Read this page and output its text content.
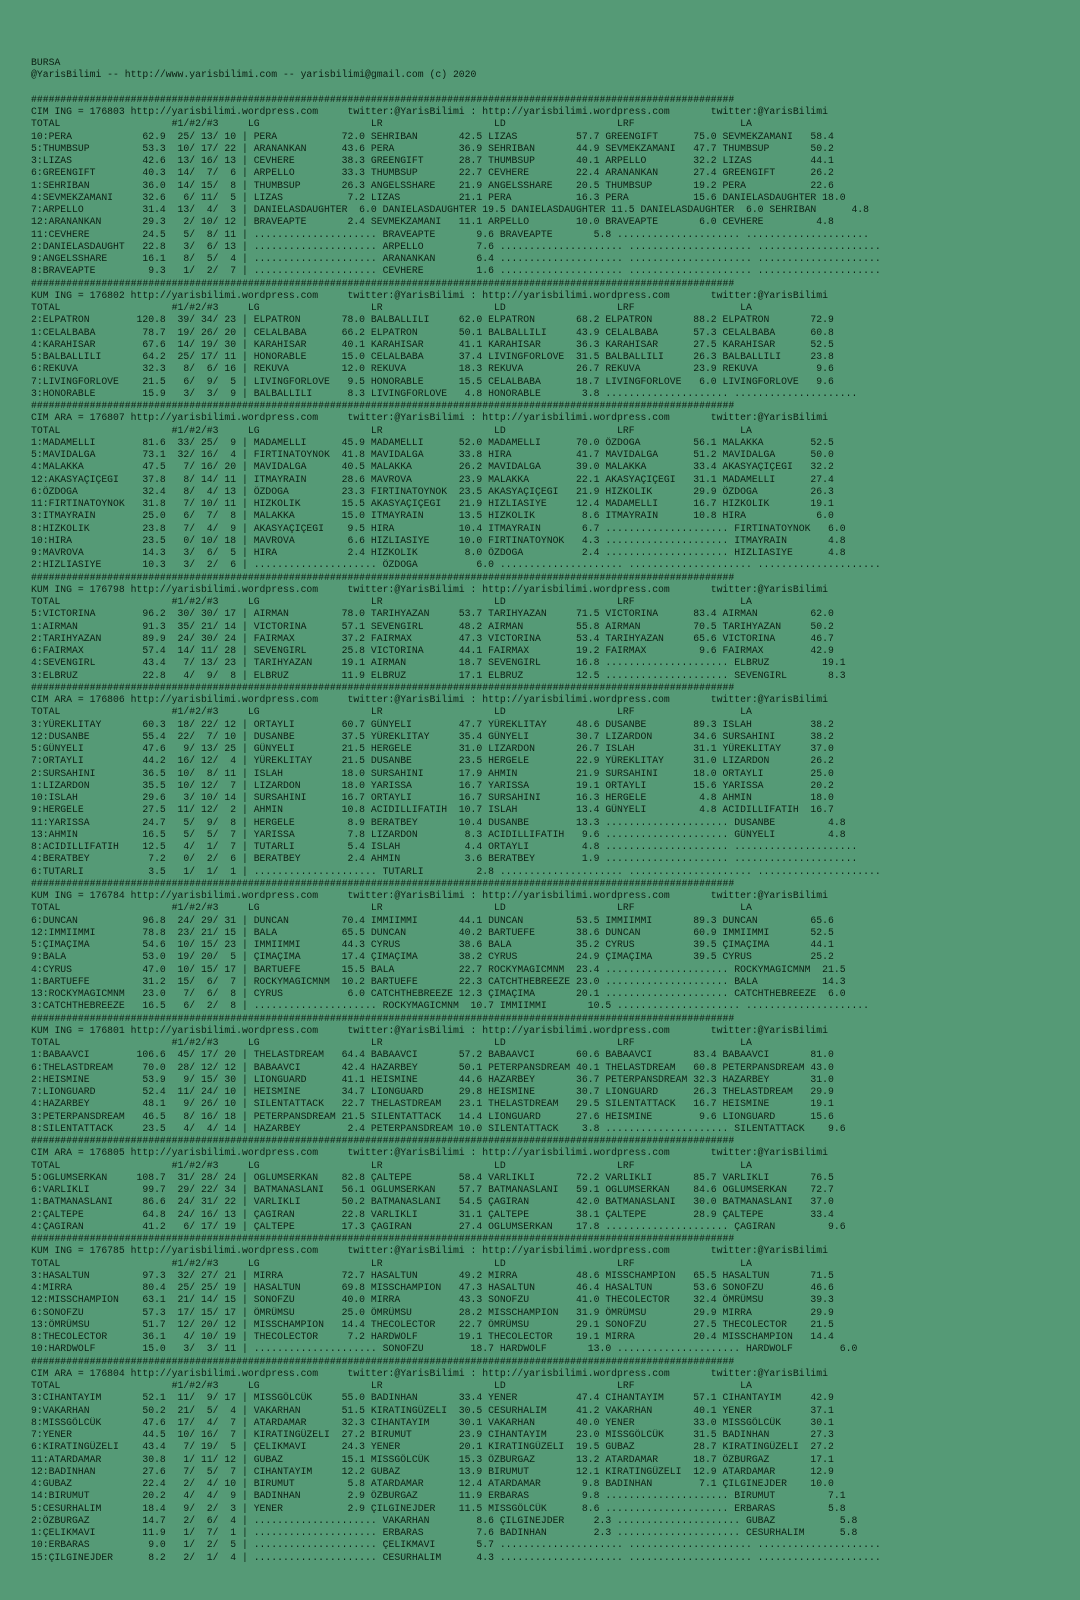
BURSA
@YarisBilimi -- http://www.yarisbilimi.com -- yarisbilimi@gmail.com (c) 2020
########################################################################################################################
CIM ING = 176803 http://yarisbilimi.wordpress.com     twitter:@YarisBilimi : http://yarisbilimi.wordpress.com       twitter:@YarisBilimi
TOTAL                   #1/#2/#3     LG                   LR                   LD                   LRF                  LA
10:PERA            62.9  25/ 13/ 10 | PERA           72.0 SEHRIBAN       42.5 LIZAS          57.7 GREENGIFT      75.0 SEVMEKZAMANI   58.4
5:THUMBSUP         53.3  10/ 17/ 22 | ARANANKAN      43.6 PERA           36.9 SEHRIBAN       44.9 SEVMEKZAMANI   47.7 THUMBSUP       50.2
3:LIZAS            42.6  13/ 16/ 13 | CEVHERE        38.3 GREENGIFT      28.7 THUMBSUP       40.1 ARPELLO        32.2 LIZAS          44.1
6:GREENGIFT        40.3  14/  7/  6 | ARPELLO        33.3 THUMBSUP       22.7 CEVHERE        22.4 ARANANKAN      27.4 GREENGIFT      26.2
1:SEHRIBAN         36.0  14/ 15/  8 | THUMBSUP       26.3 ANGELSSHARE    21.9 ANGELSSHARE    20.5 THUMBSUP       19.2 PERA           22.6
4:SEVMEKZAMANI     32.6   6/ 11/  5 | LIZAS           7.2 LIZAS          21.1 PERA           16.3 PERA           15.6 DANIELASDAUGHTER 18.0
7:ARPELLO          31.4  13/  4/  3 | DANIELASDAUGHTER  6.0 DANIELASDAUGHTER 19.5 DANIELASDAUGHTER 11.5 DANIELASDAUGHTER  6.0 SEHRIBAN      4.8
12:ARANANKAN       29.3   2/ 10/ 12 | BRAVEAPTE       2.4 SEVMEKZAMANI   11.1 ARPELLO        10.0 BRAVEAPTE       6.0 CEVHERE         4.8
11:CEVHERE         24.5   5/  8/ 11 | ..................... BRAVEAPTE       9.6 BRAVEAPTE       5.8 ..................... .....................
2:DANIELASDAUGHT   22.8   3/  6/ 13 | ..................... ARPELLO         7.6 ..................... ..................... .....................
9:ANGELSSHARE      16.1   8/  5/  4 | ..................... ARANANKAN       6.4 ..................... ..................... .....................
8:BRAVEAPTE         9.3   1/  2/  7 | ..................... CEVHERE         1.6 ..................... ..................... .....................
########################################################################################################################
KUM ING = 176802 http://yarisbilimi.wordpress.com     twitter:@YarisBilimi : http://yarisbilimi.wordpress.com       twitter:@YarisBilimi
TOTAL                   #1/#2/#3     LG                   LR                   LD                   LRF                  LA
2:ELPATRON        120.8  39/ 34/ 23 | ELPATRON       78.0 BALBALLILI     62.0 ELPATRON       68.2 ELPATRON       88.2 ELPATRON       72.9
1:CELALBABA        78.7  19/ 26/ 20 | CELALBABA      66.2 ELPATRON       50.1 BALBALLILI     43.9 CELALBABA      57.3 CELALBABA      60.8
4:KARAHISAR        67.6  14/ 19/ 30 | KARAHISAR      40.1 KARAHISAR      41.1 KARAHISAR      36.3 KARAHISAR      27.5 KARAHISAR      52.5
5:BALBALLILI       64.2  25/ 17/ 11 | HONORABLE      15.0 CELALBABA      37.4 LIVINGFORLOVE  31.5 BALBALLILI     26.3 BALBALLILI     23.8
6:REKUVA           32.3   8/  6/ 16 | REKUVA         12.0 REKUVA         18.3 REKUVA         26.7 REKUVA         23.9 REKUVA          9.6
7:LIVINGFORLOVE    21.5   6/  9/  5 | LIVINGFORLOVE   9.5 HONORABLE      15.5 CELALBABA      18.7 LIVINGFORLOVE   6.0 LIVINGFORLOVE   9.6
3:HONORABLE        15.9   3/  3/  9 | BALBALLILI      8.3 LIVINGFORLOVE   4.8 HONORABLE       3.8 ..................... .....................
########################################################################################################################
CIM ARA = 176807 http://yarisbilimi.wordpress.com     twitter:@YarisBilimi : http://yarisbilimi.wordpress.com       twitter:@YarisBilimi
TOTAL                   #1/#2/#3     LG                   LR                   LD                   LRF                  LA
1:MADAMELLI        81.6  33/ 25/  9 | MADAMELLI      45.9 MADAMELLI      52.0 MADAMELLI      70.0 ÖZDOGA         56.1 MALAKKA        52.5
5:MAVIDALGA        73.1  32/ 16/  4 | FIRTINATOYNOK  41.8 MAVIDALGA      33.8 HIRA           41.7 MAVIDALGA      51.2 MAVIDALGA      50.0
4:MALAKKA          47.5   7/ 16/ 20 | MAVIDALGA      40.5 MALAKKA        26.2 MAVIDALGA      39.0 MALAKKA        33.4 AKASYAÇIÇEGI   32.2
12:AKASYAÇIÇEGI    37.8   8/ 14/ 11 | ITMAYRAIN      28.6 MAVROVA        23.9 MALAKKA        22.1 AKASYAÇIÇEGI   31.1 MADAMELLI      27.4
6:ÖZDOGA           32.4   8/  4/ 13 | ÖZDOGA         23.3 FIRTINATOYNOK  23.5 AKASYAÇIÇEGI   21.9 HIZKOLIK       29.9 ÖZDOGA         26.3
11:FIRTINATOYNOK   31.8   7/ 10/ 11 | HIZKOLIK       15.5 AKASYAÇIÇEGI   21.9 HIZLIASIYE     12.4 MADAMELLI      16.7 HIZKOLIK       19.1
3:ITMAYRAIN        25.0   6/  7/  8 | MALAKKA        15.0 ITMAYRAIN      13.5 HIZKOLIK        8.6 ITMAYRAIN      10.8 HIRA            6.0
8:HIZKOLIK         23.8   7/  4/  9 | AKASYAÇIÇEGI    9.5 HIRA           10.4 ITMAYRAIN       6.7 ..................... FIRTINATOYNOK   6.0
10:HIRA            23.5   0/ 10/ 18 | MAVROVA         6.6 HIZLIASIYE     10.0 FIRTINATOYNOK   4.3 ..................... ITMAYRAIN       4.8
9:MAVROVA          14.3   3/  6/  5 | HIRA            2.4 HIZKOLIK        8.0 ÖZDOGA          2.4 ..................... HIZLIASIYE      4.8
2:HIZLIASIYE       10.3   3/  2/  6 | ..................... ÖZDOGA          6.0 ..................... ..................... .....................
########################################################################################################################
KUM ING = 176798 http://yarisbilimi.wordpress.com     twitter:@YarisBilimi : http://yarisbilimi.wordpress.com       twitter:@YarisBilimi
TOTAL                   #1/#2/#3     LG                   LR                   LD                   LRF                  LA
5:VICTORINA        96.2  30/ 30/ 17 | AIRMAN         78.0 TARIHYAZAN     53.7 TARIHYAZAN     71.5 VICTORINA      83.4 AIRMAN         62.0
1:AIRMAN           91.3  35/ 21/ 14 | VICTORINA      57.1 SEVENGIRL      48.2 AIRMAN         55.8 AIRMAN         70.5 TARIHYAZAN     50.2
2:TARIHYAZAN       89.9  24/ 30/ 24 | FAIRMAX        37.2 FAIRMAX        47.3 VICTORINA      53.4 TARIHYAZAN     65.6 VICTORINA      46.7
6:FAIRMAX          57.4  14/ 11/ 28 | SEVENGIRL      25.8 VICTORINA      44.1 FAIRMAX        19.2 FAIRMAX         9.6 FAIRMAX        42.9
4:SEVENGIRL        43.4   7/ 13/ 23 | TARIHYAZAN     19.1 AIRMAN         18.7 SEVENGIRL      16.8 ..................... ELBRUZ         19.1
3:ELBRUZ           22.8   4/  9/  8 | ELBRUZ         11.9 ELBRUZ         17.1 ELBRUZ         12.5 ..................... SEVENGIRL       8.3
########################################################################################################################
CIM ARA = 176806 http://yarisbilimi.wordpress.com     twitter:@YarisBilimi : http://yarisbilimi.wordpress.com       twitter:@YarisBilimi
TOTAL                   #1/#2/#3     LG                   LR                   LD                   LRF                  LA
3:YÜREKLITAY       60.3  18/ 22/ 12 | ORTAYLI        60.7 GÜNYELI        47.7 YÜREKLITAY     48.6 DUSANBE        89.3 ISLAH          38.2
12:DUSANBE         55.4  22/  7/ 10 | DUSANBE        37.5 YÜREKLITAY     35.4 GÜNYELI        30.7 LIZARDON       34.6 SURSAHINI      38.2
5:GÜNYELI          47.6   9/ 13/ 25 | GÜNYELI        21.5 HERGELE        31.0 LIZARDON       26.7 ISLAH          31.1 YÜREKLITAY     37.0
7:ORTAYLI          44.2  16/ 12/  4 | YÜREKLITAY     21.5 DUSANBE        23.5 HERGELE        22.9 YÜREKLITAY     31.0 LIZARDON       26.2
2:SURSAHINI        36.5  10/  8/ 11 | ISLAH          18.0 SURSAHINI      17.9 AHMIN          21.9 SURSAHINI      18.0 ORTAYLI        25.0
1:LIZARDON         35.5  10/ 12/  7 | LIZARDON       18.0 YARISSA        16.7 YARISSA        19.1 ORTAYLI        15.6 YARISSA        20.2
10:ISLAH           29.6   3/ 10/ 14 | SURSAHINI      16.7 ORTAYLI        16.7 SURSAHINI      16.3 HERGELE         4.8 AHMIN          18.0
9:HERGELE          27.5  11/ 12/  2 | AHMIN          10.8 ACIDILLIFATIH  10.7 ISLAH          13.4 GÜNYELI         4.8 ACIDILLIFATIH  16.7
11:YARISSA         24.7   5/  9/  8 | HERGELE         8.9 BERATBEY       10.4 DUSANBE        13.3 ..................... DUSANBE         4.8
13:AHMIN           16.5   5/  5/  7 | YARISSA         7.8 LIZARDON        8.3 ACIDILLIFATIH   9.6 ..................... GÜNYELI         4.8
8:ACIDILLIFATIH    12.5   4/  1/  7 | TUTARLI         5.4 ISLAH           4.4 ORTAYLI         4.8 ..................... .....................
4:BERATBEY          7.2   0/  2/  6 | BERATBEY        2.4 AHMIN           3.6 BERATBEY        1.9 ..................... .....................
6:TUTARLI           3.5   1/  1/  1 | ..................... TUTARLI         2.8 ..................... ..................... .....................
########################################################################################################################
KUM ING = 176784 http://yarisbilimi.wordpress.com     twitter:@YarisBilimi : http://yarisbilimi.wordpress.com       twitter:@YarisBilimi
TOTAL                   #1/#2/#3     LG                   LR                   LD                   LRF                  LA
6:DUNCAN           96.8  24/ 29/ 31 | DUNCAN         70.4 IMMIIMMI       44.1 DUNCAN         53.5 IMMIIMMI       89.3 DUNCAN         65.6
12:IMMIIMMI        78.8  23/ 21/ 15 | BALA           65.5 DUNCAN         40.2 BARTUEFE       38.6 DUNCAN         60.9 IMMIIMMI       52.5
5:ÇIMAÇIMA         54.6  10/ 15/ 23 | IMMIIMMI       44.3 CYRUS          38.6 BALA           35.2 CYRUS          39.5 ÇIMAÇIMA       44.1
9:BALA             53.0  19/ 20/  5 | ÇIMAÇIMA       17.4 ÇIMAÇIMA       38.2 CYRUS          24.9 ÇIMAÇIMA       39.5 CYRUS          25.2
4:CYRUS            47.0  10/ 15/ 17 | BARTUEFE       15.5 BALA           22.7 ROCKYMAGICMNM  23.4 ..................... ROCKYMAGICMNM  21.5
1:BARTUEFE         31.2  15/  6/  7 | ROCKYMAGICMNM  10.2 BARTUEFE       22.3 CATCHTHEBREEZE 23.0 ..................... BALA           14.3
13:ROCKYMAGICMNM   23.0   7/  6/  8 | CYRUS           6.0 CATCHTHEBREEZE 12.3 ÇIMAÇIMA       20.1 ..................... CATCHTHEBREEZE  6.0
3:CATCHTHEBREEZE   16.5   6/  2/  8 | ..................... ROCKYMAGICMNM  10.7 IMMIIMMI       10.5 ..................... .....................
########################################################################################################################
KUM ING = 176801 http://yarisbilimi.wordpress.com     twitter:@YarisBilimi : http://yarisbilimi.wordpress.com       twitter:@YarisBilimi
TOTAL                   #1/#2/#3     LG                   LR                   LD                   LRF                  LA
1:BABAAVCI        106.6  45/ 17/ 20 | THELASTDREAM   64.4 BABAAVCI       57.2 BABAAVCI       60.6 BABAAVCI       83.4 BABAAVCI       81.0
6:THELASTDREAM     70.0  28/ 12/ 12 | BABAAVCI       42.4 HAZARBEY       50.1 PETERPANSDREAM 40.1 THELASTDREAM   60.8 PETERPANSDREAM 43.0
2:HEISMINE         53.9   9/ 15/ 30 | LIONGUARD      41.1 HEISMINE       44.6 HAZARBEY       36.7 PETERPANSDREAM 32.3 HAZARBEY       31.0
7:LIONGUARD        52.4  11/ 24/ 10 | HEISMINE       34.7 LIONGUARD      29.8 HEISMINE       30.7 LIONGUARD      26.3 THELASTDREAM   29.9
4:HAZARBEY         48.1   9/ 26/ 10 | SILENTATTACK   22.7 THELASTDREAM   23.1 THELASTDREAM   29.5 SILENTATTACK   16.7 HEISMINE       19.1
3:PETERPANSDREAM   46.5   8/ 16/ 18 | PETERPANSDREAM 21.5 SILENTATTACK   14.4 LIONGUARD      27.6 HEISMINE        9.6 LIONGUARD      15.6
8:SILENTATTACK     23.5   4/  4/ 14 | HAZARBEY        2.4 PETERPANSDREAM 10.0 SILENTATTACK    3.8 ..................... SILENTATTACK    9.6
########################################################################################################################
CIM ARA = 176805 http://yarisbilimi.wordpress.com     twitter:@YarisBilimi : http://yarisbilimi.wordpress.com       twitter:@YarisBilimi
TOTAL                   #1/#2/#3     LG                   LR                   LD                   LRF                  LA
5:OGLUMSERKAN     108.7  31/ 28/ 24 | OGLUMSERKAN    82.8 ÇALTEPE        58.4 VARLIKLI       72.2 VARLIKLI       85.7 VARLIKLI       76.5
6:VARLIKLI         99.7  29/ 22/ 34 | BATMANASLANI   56.1 OGLUMSERKAN    57.7 BATMANASLANI   59.1 OGLUMSERKAN    84.6 OGLUMSERKAN    72.7
1:BATMANASLANI     86.6  24/ 31/ 22 | VARLIKLI       50.2 BATMANASLANI   54.5 ÇAGIRAN        42.0 BATMANASLANI   30.0 BATMANASLANI   37.0
2:ÇALTEPE          64.8  24/ 16/ 13 | ÇAGIRAN        22.8 VARLIKLI       31.1 ÇALTEPE        38.1 ÇALTEPE        28.9 ÇALTEPE        33.4
4:ÇAGIRAN          41.2   6/ 17/ 19 | ÇALTEPE        17.3 ÇAGIRAN        27.4 OGLUMSERKAN    17.8 ..................... ÇAGIRAN         9.6
########################################################################################################################
KUM ING = 176785 http://yarisbilimi.wordpress.com     twitter:@YarisBilimi : http://yarisbilimi.wordpress.com       twitter:@YarisBilimi
TOTAL                   #1/#2/#3     LG                   LR                   LD                   LRF                  LA
3:HASALTUN         97.3  32/ 27/ 21 | MIRRA          72.7 HASALTUN       49.2 MIRRA          48.6 MISSCHAMPION   65.5 HASALTUN       71.5
4:MIRRA            80.4  25/ 25/ 19 | HASALTUN       69.8 MISSCHAMPION   47.3 HASALTUN       46.4 HASALTUN       53.6 SONOFZU        46.6
12:MISSCHAMPION    63.1  21/ 14/ 15 | SONOFZU        40.0 MIRRA          43.3 SONOFZU        41.0 THECOLECTOR    32.4 ÖMRÜMSU        39.3
6:SONOFZU          57.3  17/ 15/ 17 | ÖMRÜMSU        25.0 ÖMRÜMSU        28.2 MISSCHAMPION   31.9 ÖMRÜMSU        29.9 MIRRA          29.9
13:ÖMRÜMSU         51.7  12/ 20/ 12 | MISSCHAMPION   14.4 THECOLECTOR    22.7 ÖMRÜMSU        29.1 SONOFZU        27.5 THECOLECTOR    21.5
8:THECOLECTOR      36.1   4/ 10/ 19 | THECOLECTOR     7.2 HARDWOLF       19.1 THECOLECTOR    19.1 MIRRA          20.4 MISSCHAMPION   14.4
10:HARDWOLF        15.0   3/  3/ 11 | ..................... SONOFZU        18.7 HARDWOLF       13.0 ..................... HARDWOLF        6.0
########################################################################################################################
CIM ARA = 176804 http://yarisbilimi.wordpress.com     twitter:@YarisBilimi : http://yarisbilimi.wordpress.com       twitter:@YarisBilimi
TOTAL                   #1/#2/#3     LG                   LR                   LD                   LRF                  LA
3:CIHANTAYIM       52.1  11/  9/ 17 | MISSGÖLCÜK     55.0 BADINHAN       33.4 YENER          47.4 CIHANTAYIM     57.1 CIHANTAYIM     42.9
9:VAKARHAN         50.2  21/  5/  4 | VAKARHAN       51.5 KIRATINGÜZELI  30.5 CESURHALIM     41.2 VAKARHAN       40.1 YENER          37.1
8:MISSGÖLCÜK       47.6  17/  4/  7 | ATARDAMAR      32.3 CIHANTAYIM     30.1 VAKARHAN       40.0 YENER          33.0 MISSGÖLCÜK     30.1
7:YENER            44.5  10/ 16/  7 | KIRATINGÜZELI  27.2 BIRUMUT        23.9 CIHANTAYIM     23.0 MISSGÖLCÜK     31.5 BADINHAN       27.3
6:KIRATINGÜZELI    43.4   7/ 19/  5 | ÇELIKMAVI      24.3 YENER          20.1 KIRATINGÜZELI  19.5 GUBAZ          28.7 KIRATINGÜZELI  27.2
11:ATARDAMAR       30.8   1/ 11/ 12 | GUBAZ          15.1 MISSGÖLCÜK     15.3 ÖZBURGAZ       13.2 ATARDAMAR      18.7 ÖZBURGAZ       17.1
12:BADINHAN        27.6   7/  5/  7 | CIHANTAYIM     12.2 GUBAZ          13.9 BIRUMUT        12.1 KIRATINGÜZELI  12.9 ATARDAMAR      12.9
4:GUBAZ            22.4   2/  4/ 10 | BIRUMUT         5.8 ATARDAMAR      12.4 ATARDAMAR       9.8 BADINHAN        7.1 ÇILGINEJDER    10.0
14:BIRUMUT         20.2   4/  4/  9 | BADINHAN        2.9 ÖZBURGAZ       11.9 ERBARAS         9.8 ..................... BIRUMUT         7.1
5:CESURHALIM       18.4   9/  2/  3 | YENER           2.9 ÇILGINEJDER    11.5 MISSGÖLCÜK      8.6 ..................... ERBARAS         5.8
2:ÖZBURGAZ         14.7   2/  6/  4 | ..................... VAKARHAN        8.6 ÇILGINEJDER     2.3 ..................... GUBAZ           5.8
1:ÇELIKMAVI        11.9   1/  7/  1 | ..................... ERBARAS         7.6 BADINHAN        2.3 ..................... CESURHALIM      5.8
10:ERBARAS          9.0   1/  2/  5 | ..................... ÇELIKMAVI       5.7 ..................... ..................... .....................
15:ÇILGINEJDER      8.2   2/  1/  4 | ..................... CESURHALIM      4.3 ..................... ..................... .....................
